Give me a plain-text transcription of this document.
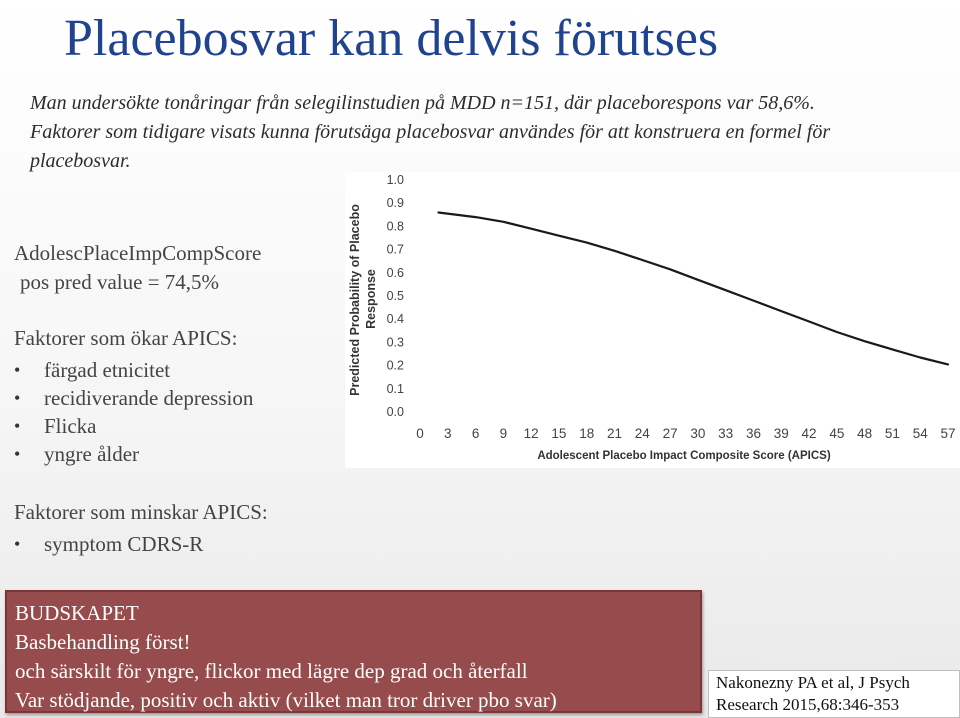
Placebosvar kan delvis förutses

Man undersökte tonåringar från selegilinstudien på MDD n=151, där placeborespons var 58,6%. Faktorer som tidigare visats kunna förutsäga placebosvar användes för att konstruera en formel för placebosvar.

AdolescPlaceImpCompScore

pos pred value = 74,5%

Faktorer som ökar APICS:

•	färgad etnicitet
•	recidiverande depression
•	Flicka
•	yngre ålder

Faktorer som minskar APICS:

•	symptom CDRS-R
0.0
0.1
0.2
0.3
0.4
0.5
0.6
0.7
0.8
0.9
1.0
0 3 6 9 12 15 18 21 24 27 30 33 36 39 42 45 48 51 54 57
Adolescent Placebo Impact Composite Score (APICS)
Predicted Probability of Placebo Response
BUDSKAPET
Basbehandling först!
och särskilt för yngre, flickor med lägre dep grad och återfall
Var stödjande, positiv och aktiv (vilket man tror driver pbo svar)
Nakonezny PA et al, J Psych
Research 2015,68:346-353
